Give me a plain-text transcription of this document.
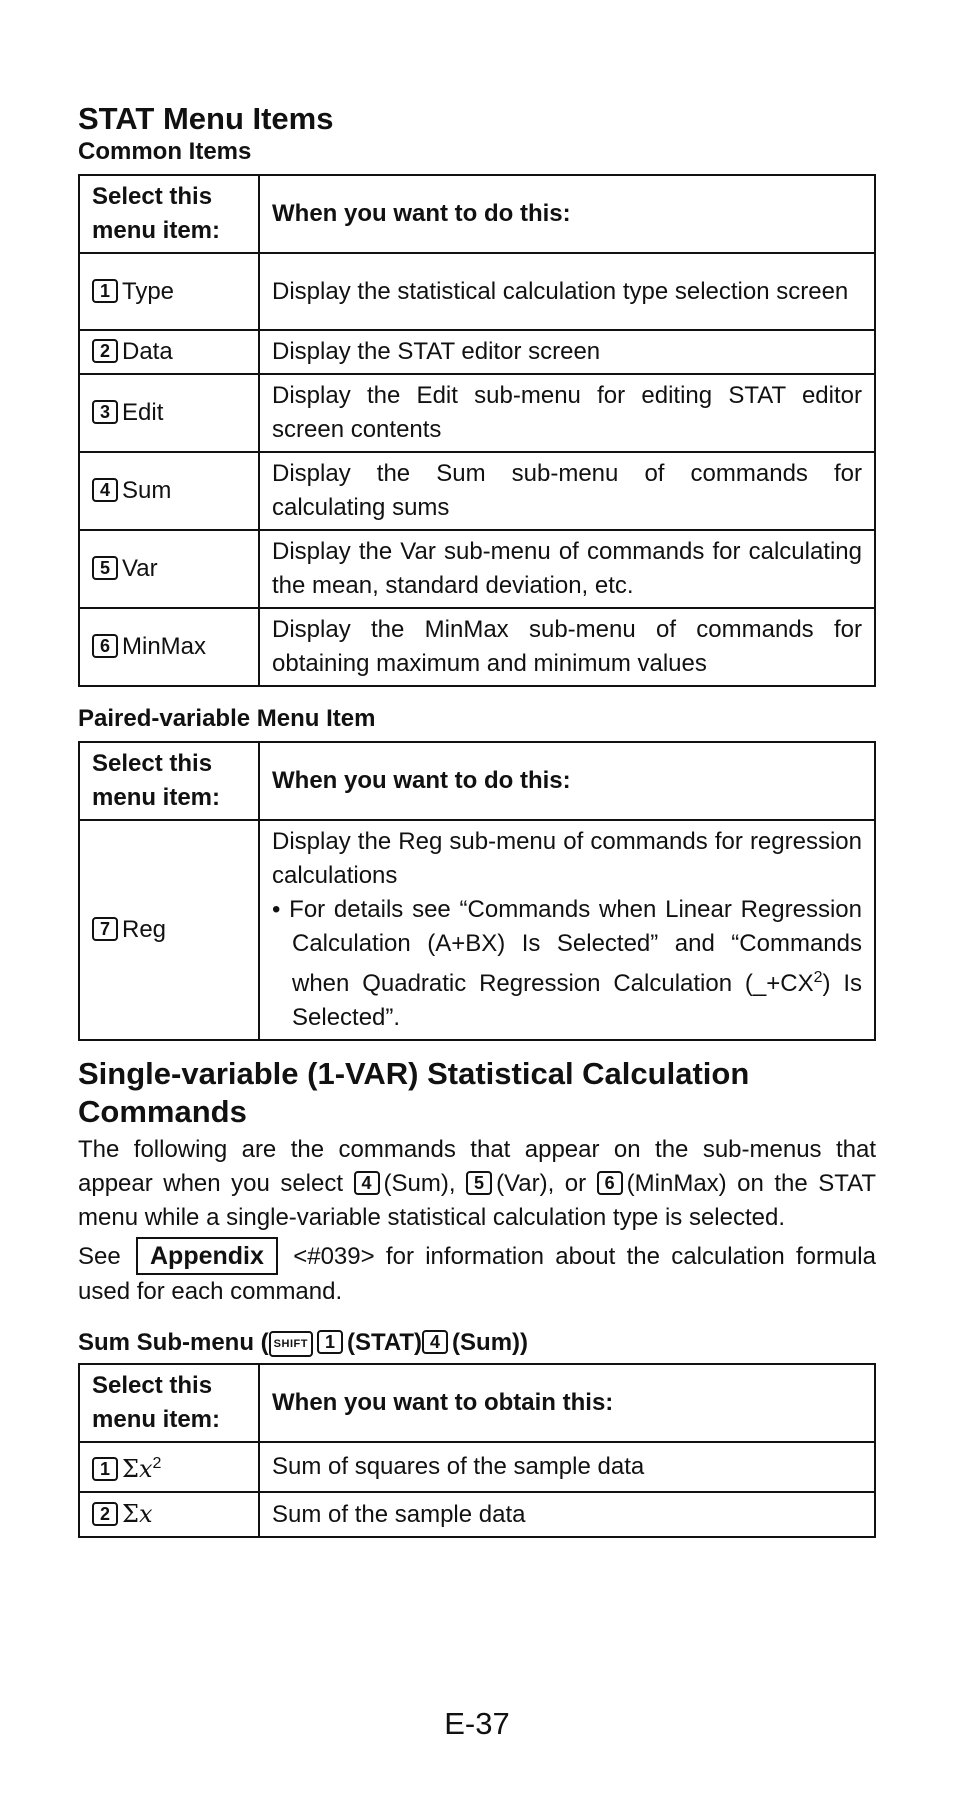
STAT Menu Items
Common Items
Select this menu item:	When you want to do this:
1 Type	Display the statistical calculation type selection screen
2 Data	Display the STAT editor screen
3 Edit	Display the Edit sub-menu for editing STAT editor screen contents
4 Sum	Display the Sum sub-menu of commands for calculating sums
5 Var	Display the Var sub-menu of commands for calculating the mean, standard deviation, etc.
6 MinMax	Display the MinMax sub-menu of commands for obtaining maximum and minimum values
Paired-variable Menu Item
Select this menu item:	When you want to do this:
7 Reg	Display the Reg sub-menu of commands for regression calculations
• For details see “Commands when Linear Regression Calculation (A+BX) Is Selected” and “Commands when Quadratic Regression Calculation $(\_+CX^2)$ Is Selected”.
Single-variable (1-VAR) Statistical Calculation Commands

The following are the commands that appear on the sub-menus that appear when you select 4 (Sum), 5 (Var), or 6 (MinMax) on the STAT menu while a single-variable statistical calculation type is selected.

See Appendix <#039> for information about the calculation formula used for each command.

Sum Sub-menu ( SHIFT 1 (STAT) 4 (Sum))
Select this menu item:	When you want to obtain this:
1 $\Sigma x^2$	Sum of squares of the sample data
2 Σx	Sum of the sample data
E-37
